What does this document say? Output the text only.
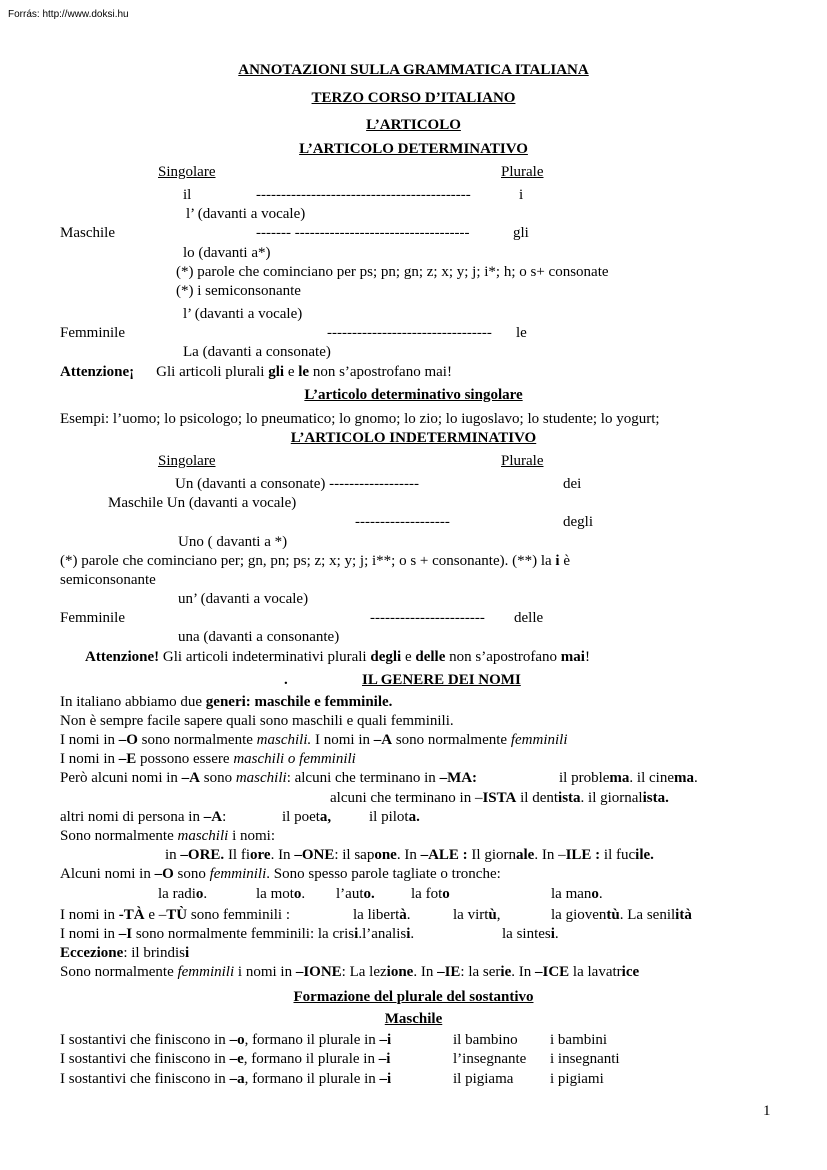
Forrás: http://www.doksi.hu
ANNOTAZIONI SULLA GRAMMATICA ITALIANA
TERZO CORSO D’ITALIANO
L’ARTICOLO
L’ARTICOLO DETERMINATIVO
Singolare	Plurale
il	-------------------------------------------	i
l’ (davanti a vocale)
Maschile	------- -----------------------------------	gli
lo (davanti a*)
(*) parole che cominciano per ps; pn; gn; z; x; y; j; i*; h; o s+ consonate
(*) i semiconsonante
l’ (davanti a vocale)
Femminile	--------------------------------- le
La (davanti a consonate)
Attenzione¡ Gli articoli plurali gli e le non s’apostrofano mai!
L’articolo determinativo singolare
Esempi: l’uomo; lo psicologo; lo pneumatico; lo gnomo; lo zio; lo iugoslavo; lo studente; lo yogurt;
L’ARTICOLO INDETERMINATIVO
Singolare	Plurale
Un (davanti a consonate) ------------------	dei
Maschile Un (davanti a vocale)
-------------------	degli
Uno ( davanti a *)
(*) parole che cominciano per; gn, pn; ps; z; x; y; j; i**; o s + consonante). (**) la i è
semiconsonante
un’ (davanti a vocale)
Femminile	----------------------- delle
una (davanti a consonante)
Attenzione! Gli articoli indeterminativi plurali degli e delle non s’apostrofano mai!
.	IL GENERE DEI NOMI
In italiano abbiamo due generi: maschile e femminile.
Non è sempre facile sapere quali sono maschili e quali femminili.
I nomi in –O sono normalmente maschili. I nomi in –A sono normalmente femminili
I nomi in –E possono essere maschili o femminili
Però alcuni nomi in –A sono maschili: alcuni che terminano in –MA:	il problema. il cinema.
alcuni che terminano in –ISTA il dentista. il giornalista.
altri nomi di persona in –A:	il poeta,	il pilota.
Sono normalmente maschili i nomi:
in –ORE. Il fiore. In –ONE: il sapone. In –ALE : Il giornale. In –ILE : il fucile.
Alcuni nomi in –O sono femminili. Sono spesso parole tagliate o tronche:
la radio.	la moto. l’auto. la foto	la mano.
I nomi in -TÀ e –TÙ sono femminili :	la libertà.	la virtù,	la gioventù. La senilità
I nomi in –I sono normalmente femminili: la crisi.l’analisi.	la sintesi.
Eccezione: il brindisi
Sono normalmente femminili i nomi in –IONE: La lezione. In –IE: la serie. In –ICE la lavatrice
Formazione del plurale del sostantivo
Maschile
I sostantivi che finiscono in –o, formano il plurale in –i	il bambino i bambini
I sostantivi che finiscono in –e, formano il plurale in –i	l’insegnante i insegnanti
I sostantivi che finiscono in –a, formano il plurale in –i	il pigiama i pigiami
1
